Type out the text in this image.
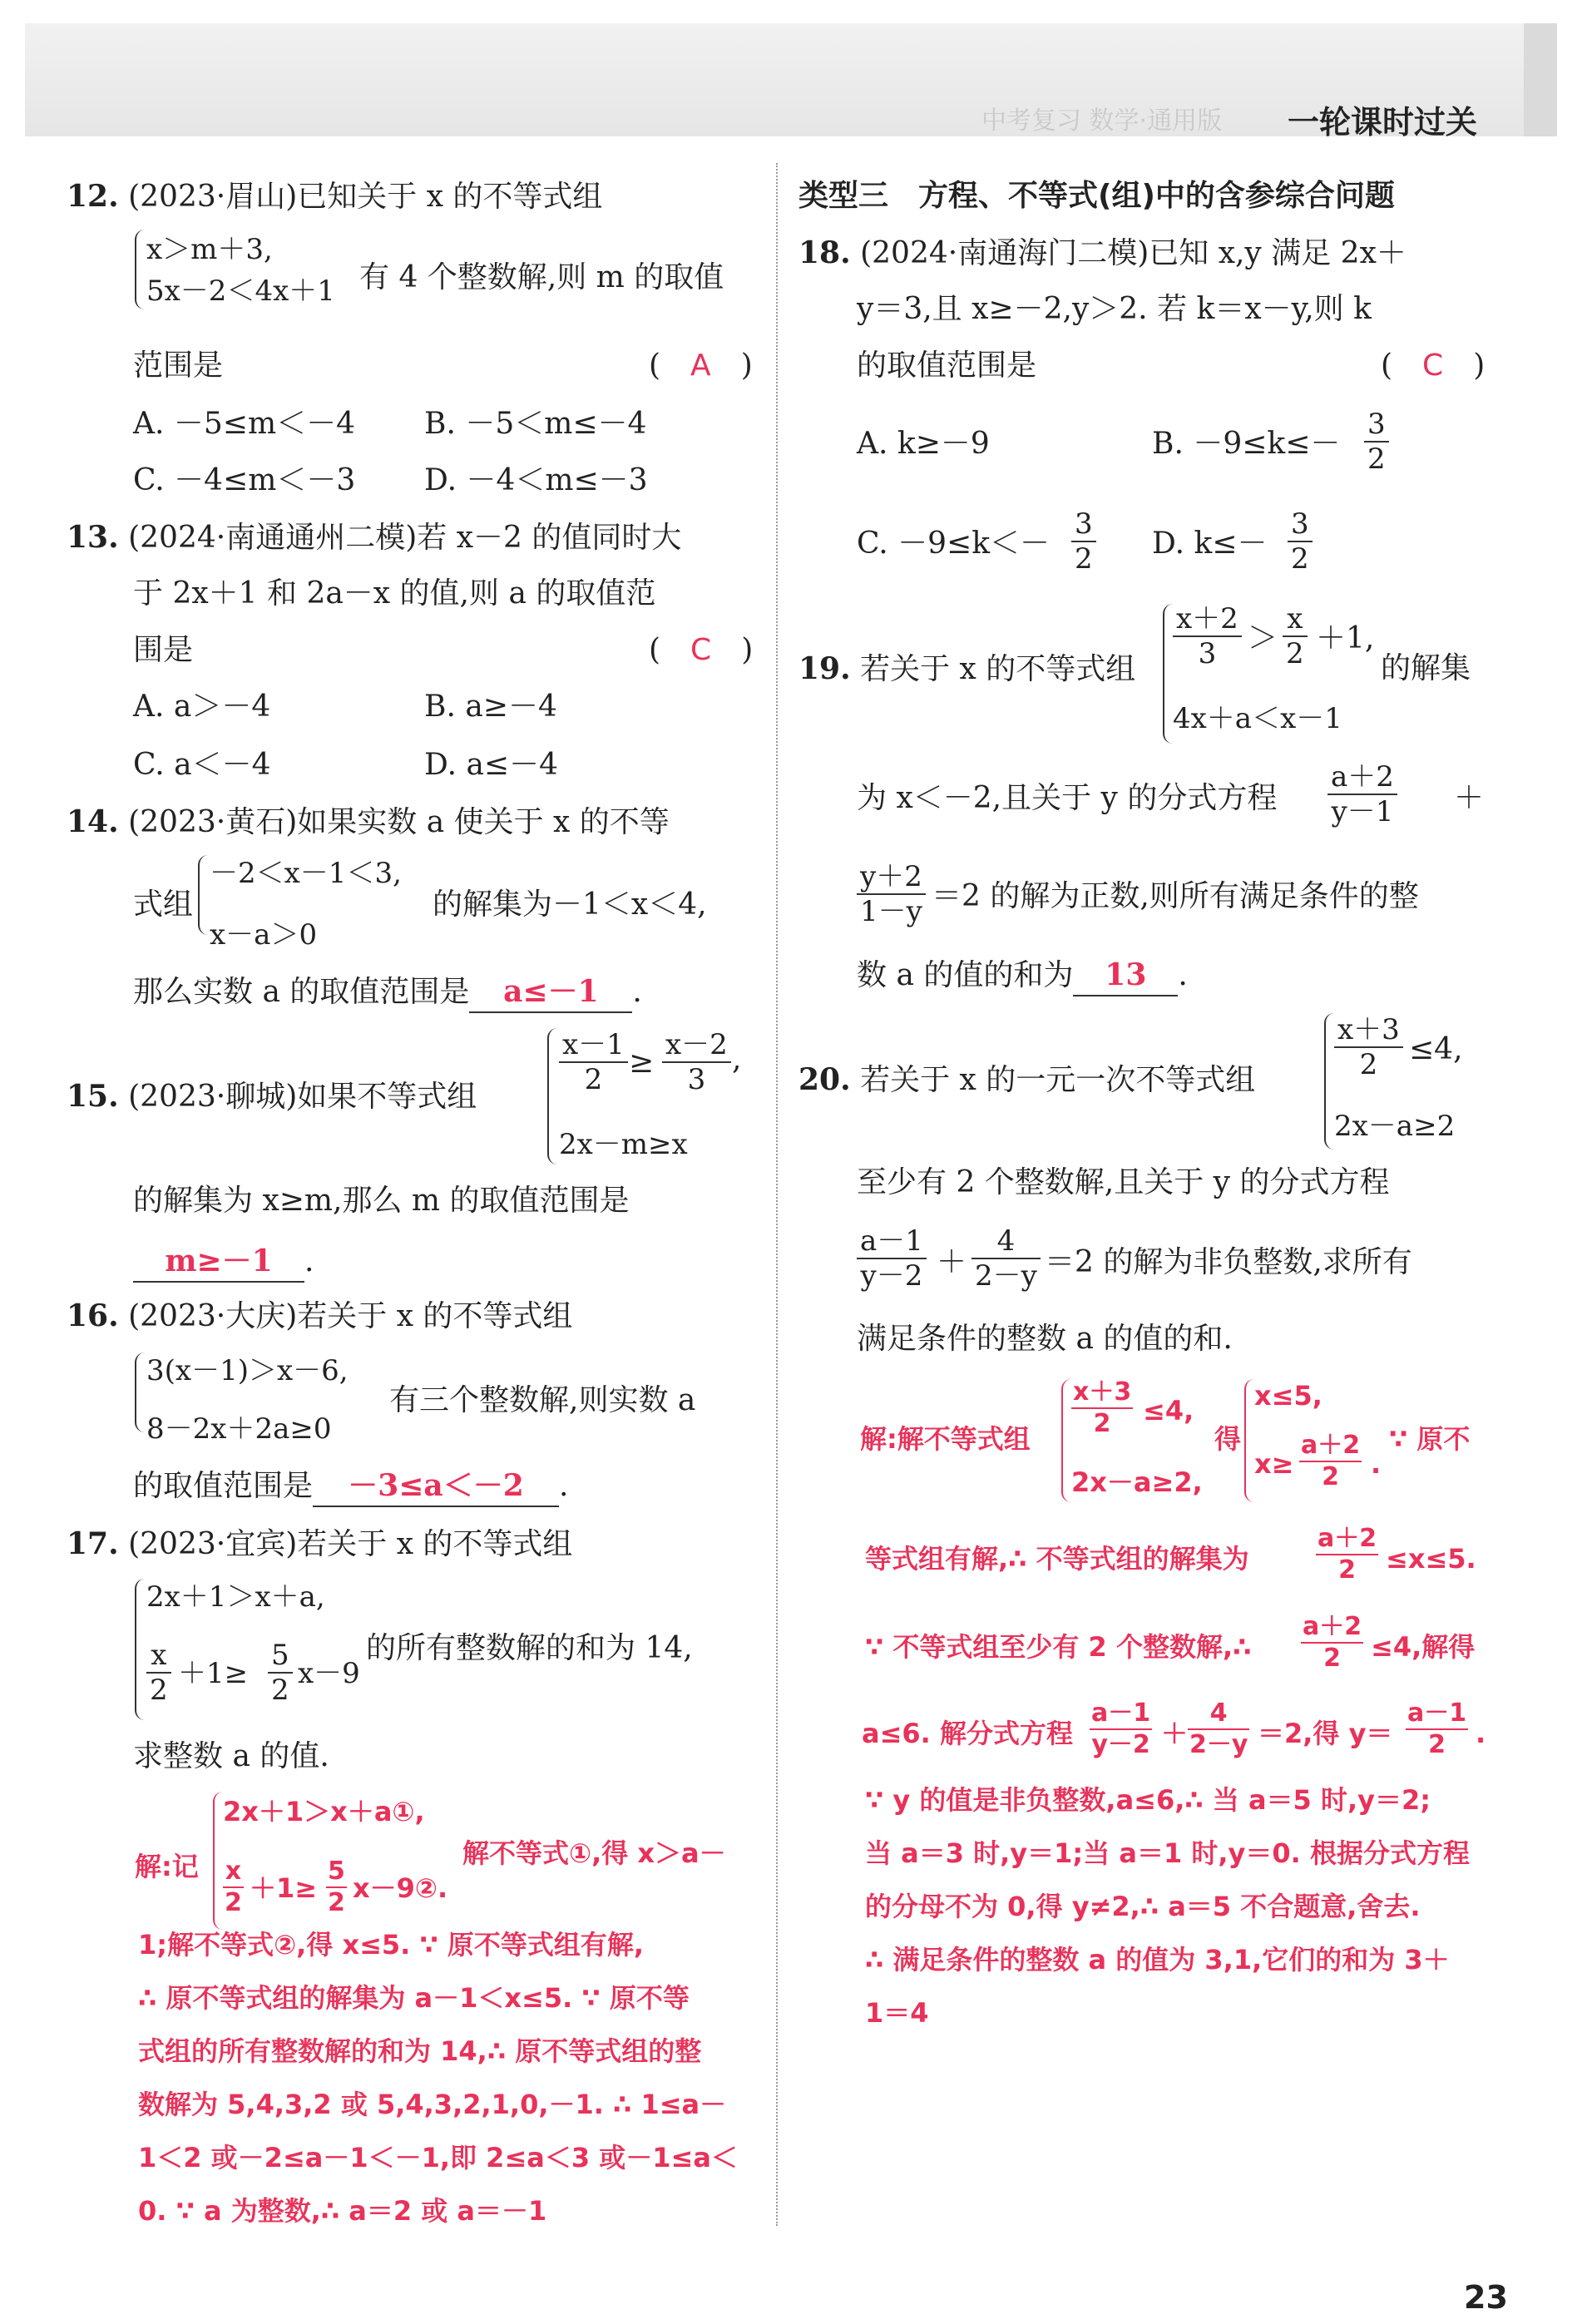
中考复习 数学·通用版 一轮课时过关
12. (2023·眉山)已知关于 x 的不等式组
x＞m＋3,
5x－2＜4x＋1 有 4 个整数解,则 m 的取值
范围是	(　A　)
A. －5≤m＜－4 B. －5＜m≤－4
C. －4≤m＜－3 D. －4＜m≤－3
13. (2024·南通通州二模)若 x－2 的值同时大
于 2x＋1 和 2a－x 的值,则 a 的取值范
围是	(　C　)
A. a＞－4	B. a≥－4
C. a＜－4	D. a≤－4
14. (2023·黄石)如果实数 a 使关于 x 的不等
式组
－2＜x－1＜3,
x－a＞0
的解集为－1＜x＜4,
那么实数 a 的取值范围是 a≤－1 .
15. (2023·聊城)如果不等式组
$\frac{x-1}{2} \ge \frac{x-2}{3}$ ,
2x－m≥x
的解集为 x≥m,那么 m 的取值范围是
m≥－1 .
16. (2023·大庆)若关于 x 的不等式组
3(x－1)＞x－6,
8－2x＋2a≥0
有三个整数解,则实数 a
的取值范围是 －3≤a＜－2 .
17. (2023·宜宾)若关于 x 的不等式组
2x＋1＞x＋a,
$\frac{x}{2} +1\ge \frac{5}{2} x-9$
的所有整数解的和为 14,
求整数 a 的值.
解:记
2x＋1＞x＋a①,
$\frac{x}{2} +1\ge \frac{5}{2}$ x－9②.
解不等式①,得 x＞a－
1;解不等式②,得 x≤5. ∵ 原不等式组有解,
∴ 原不等式组的解集为 a－1＜x≤5. ∵ 原不等
式组的所有整数解的和为 14,∴ 原不等式组的整
数解为 5,4,3,2 或 5,4,3,2,1,0,－1. ∴ 1≤a－
1＜2 或－2≤a－1＜－1,即 2≤a＜3 或－1≤a＜
0. ∵ a 为整数,∴ a＝2 或 a＝－1
类型三　方程、不等式(组)中的含参综合问题
18. (2024·南通海门二模)已知 x,y 满足 2x＋
y＝3,且 x≥－2,y＞2. 若 k＝x－y,则 k
的取值范围是	(　C　)
A. k≥－9	B. $-9\le k\le- \frac{3}{2}$
C. $-9\le k<- \frac{3}{2} D$. $k\le- \frac{3}{2}$
19. 若关于 x 的不等式组 $\frac{x+2}{3} > \frac{x}{2} +1$,
4x＋a＜x－1
的解集
为 x＜－2,且关于 y 的分式方程 $\frac{a+2}{y-1}$ ＋
$\frac{y+2}{1-y} =2$ 的解为正数,则所有满足条件的整
数 a 的值的和为 13 .
20. 若关于 x 的一元一次不等式组	$\frac{x+3}{2} \le 4$,
2x－a≥2
至少有 2 个整数解,且关于 y 的分式方程
$\frac{a-1}{y-2} + \frac{4}{2-y} =2$ 的解为非负整数,求所有
满足条件的整数 a 的值的和.
解:解不等式组 $\frac{x+3}{2} \le 4$,
2x－a≥2,
得
x≤5,
$x\ge \frac{a+2}{2}$ .
∵ 原不
等式组有解,∴ 不等式组的解集为	$\frac{a+2}{2} \le x\le 5$.
∵ 不等式组至少有 2 个整数解,∴ $\frac{a+2}{2} \le 4$,解得
a≤6. 解分式方程 $\frac{a-1}{y-2} + \frac{4}{2-y} =2$,得 $y= \frac{a-1}{2}$ .
∵ y 的值是非负整数,a≤6,∴ 当 a＝5 时,y＝2;
当 a＝3 时,y＝1;当 a＝1 时,y＝0. 根据分式方程
的分母不为 0,得 y≠2,∴ a＝5 不合题意,舍去.
∴ 满足条件的整数 a 的值为 3,1,它们的和为 3＋
1＝4
23
